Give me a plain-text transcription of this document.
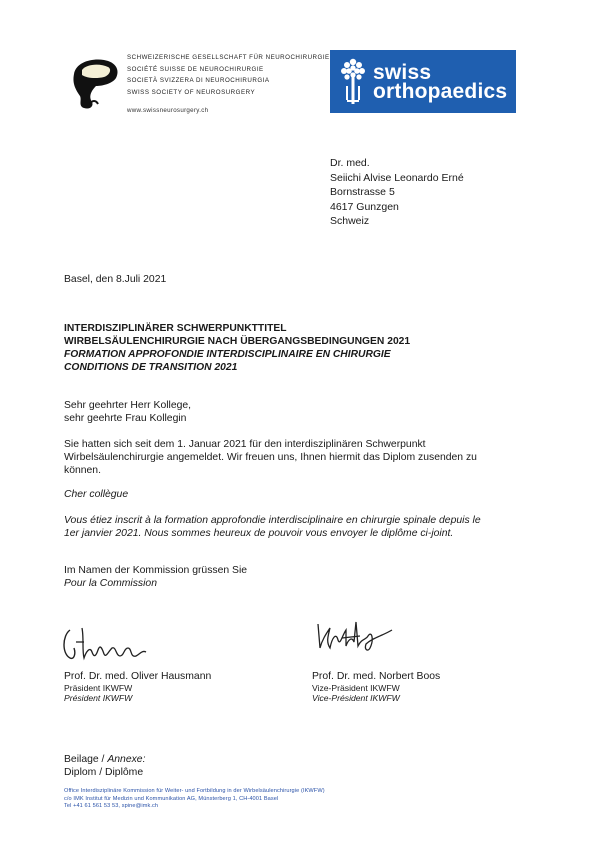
SCHWEIZERISCHE GESELLSCHAFT FÜR NEUROCHIRURGIE
SOCIÉTÉ SUISSE DE NEUROCHIRURGIE
SOCIETÀ SVIZZERA DI NEUROCHIRURGIA
SWISS SOCIETY OF NEUROSURGERY
www.swissneurosurgery.ch
swiss
orthopaedics
Dr. med.
Seiichi Alvise Leonardo Erné
Bornstrasse 5
4617 Gunzgen
Schweiz
Basel, den 8.Juli 2021
INTERDISZIPLINÄRER SCHWERPUNKTTITEL
WIRBELSÄULENCHIRURGIE NACH ÜBERGANGSBEDINGUNGEN 2021
FORMATION APPROFONDIE INTERDISCIPLINAIRE EN CHIRURGIE
CONDITIONS DE TRANSITION 2021
Sehr geehrter Herr Kollege,
sehr geehrte Frau Kollegin
Sie hatten sich seit dem 1. Januar 2021 für den interdisziplinären Schwerpunkt
Wirbelsäulenchirurgie angemeldet. Wir freuen uns, Ihnen hiermit das Diplom zusenden zu
können.
Cher collègue
Vous étiez inscrit à la formation approfondie interdisciplinaire en chirurgie spinale depuis le
1er janvier 2021. Nous sommes heureux de pouvoir vous envoyer le diplôme ci-joint.
Im Namen der Kommission grüssen Sie
Pour la Commission
Prof. Dr. med. Oliver Hausmann
Präsident IKWFW
Président IKWFW
Prof. Dr. med. Norbert Boos
Vize-Präsident IKWFW
Vice-Président IKWFW
Beilage / Annexe:
Diplom / Diplôme
Office Interdisziplinäre Kommission für Weiter- und Fortbildung in der Wirbelsäulenchirurgie (IKWFW)
c/o IMK Institut für Medizin und Kommunikation AG, Münsterberg 1, CH-4001 Basel
Tel +41 61 561 53 53, spine@imk.ch
